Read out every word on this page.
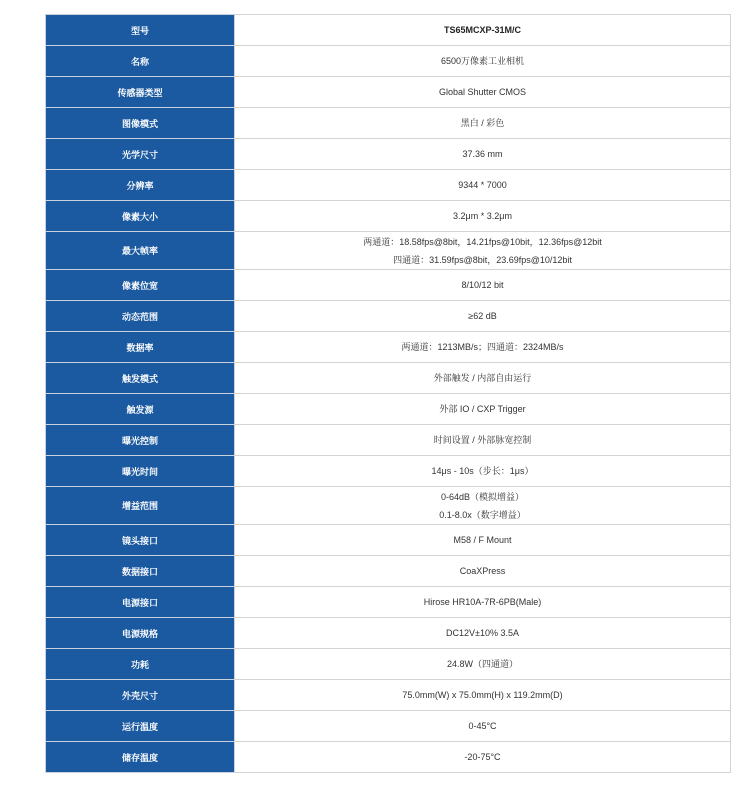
型号	TS65MCXP-31M/C

名称	6500万像素工业相机

传感器类型	Global Shutter CMOS

图像模式	黑白 / 彩色

光学尺寸	37.36 mm

分辨率	9344 * 7000

像素大小	3.2μm * 3.2μm

最大帧率	两通道：18.58fps@8bit，14.21fps@10bit，12.36fps@12bit
四通道：31.59fps@8bit，23.69fps@10/12bit

像素位宽	8/10/12 bit

动态范围	≥62 dB

数据率	两通道：1213MB/s；四通道：2324MB/s

触发模式	外部触发 / 内部自由运行

触发源	外部 IO / CXP Trigger

曝光控制	时间设置 / 外部脉宽控制

曝光时间	14μs - 10s（步长：1μs）

增益范围	0-64dB（模拟增益）
0.1-8.0x（数字增益）

镜头接口	M58 / F Mount

数据接口	CoaXPress

电源接口	Hirose HR10A-7R-6PB(Male)

电源规格	DC12V±10% 3.5A

功耗	24.8W（四通道）

外壳尺寸	75.0mm(W) x 75.0mm(H) x 119.2mm(D)

运行温度	0-45°C

储存温度	-20-75°C
